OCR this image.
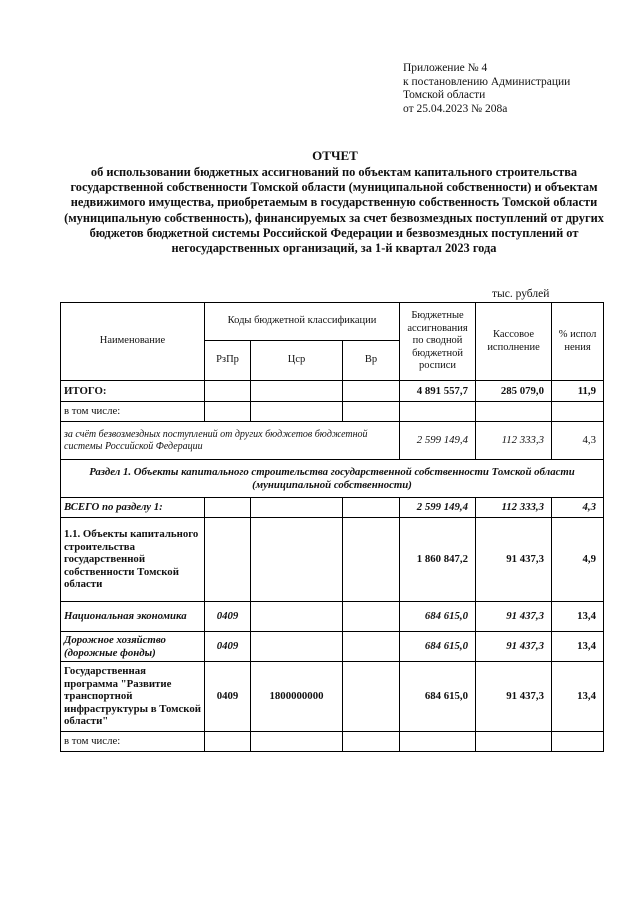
Приложение № 4
к постановлению Администрации
Томской области
от 25.04.2023 № 208а
ОТЧЕТ
об использовании бюджетных ассигнований по объектам капитального строительства государственной собственности Томской области (муниципальной собственности) и объектам недвижимого имущества, приобретаемым в государственную собственность Томской области (муниципальную собственность), финансируемых за счет безвозмездных поступлений от других бюджетов бюджетной системы Российской Федерации и безвозмездных поступлений от негосударственных организаций, за 1-й квартал 2023 года
тыс. рублей
Наименование	Коды бюджетной классификации			Бюджетные ассигнования по сводной бюджетной росписи	Кассовое исполнение	% испол нения
	РзПр	Цср	Вр			
ИТОГО:				4 891 557,7	285 079,0	11,9
в том числе:						
за счёт безвозмездных поступлений от других бюджетов бюджетной системы Российской Федерации				2 599 149,4	112 333,3	4,3
Раздел 1. Объекты капитального строительства государственной собственности Томской области (муниципальной собственности)						
ВСЕГО по разделу 1:				2 599 149,4	112 333,3	4,3
1.1. Объекты капитального строительства государственной собственности Томской области				1 860 847,2	91 437,3	4,9
Национальная экономика	0409			684 615,0	91 437,3	13,4
Дорожное хозяйство (дорожные фонды)	0409			684 615,0	91 437,3	13,4
Государственная программа "Развитие транспортной инфраструктуры в Томской области"	0409	1800000000		684 615,0	91 437,3	13,4
в том числе:						
